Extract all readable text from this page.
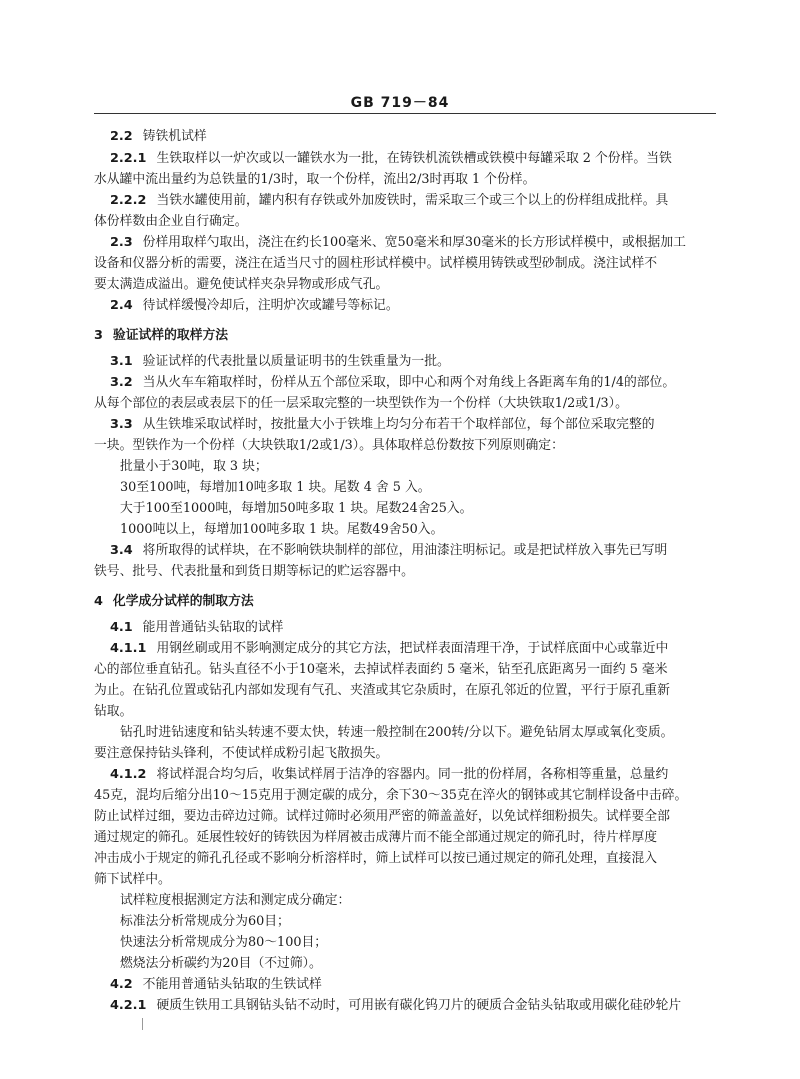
GB 719－84
2.2 铸铁机试样
2.2.1 生铁取样以一炉次或以一罐铁水为一批，在铸铁机流铁槽或铁模中每罐采取 2 个份样。当铁
水从罐中流出量约为总铁量的1/3时，取一个份样，流出2/3时再取 1 个份样。
2.2.2 当铁水罐使用前，罐内积有存铁或外加废铁时，需采取三个或三个以上的份样组成批样。具
体份样数由企业自行确定。
2.3 份样用取样勺取出，浇注在约长100毫米、宽50毫米和厚30毫米的长方形试样模中，或根据加工
设备和仪器分析的需要，浇注在适当尺寸的圆柱形试样模中。试样模用铸铁或型砂制成。浇注试样不
要太满造成溢出。避免使试样夹杂异物或形成气孔。
2.4 待试样缓慢冷却后，注明炉次或罐号等标记。
3 验证试样的取样方法
3.1 验证试样的代表批量以质量证明书的生铁重量为一批。
3.2 当从火车车箱取样时，份样从五个部位采取，即中心和两个对角线上各距离车角的1/4的部位。
从每个部位的表层或表层下的任一层采取完整的一块型铁作为一个份样（大块铁取1/2或1/3）。
3.3 从生铁堆采取试样时，按批量大小于铁堆上均匀分布若干个取样部位，每个部位采取完整的
一块。型铁作为一个份样（大块铁取1/2或1/3）。具体取样总份数按下列原则确定：
批量小于30吨，取 3 块；
30至100吨，每增加10吨多取 1 块。尾数 4 舍 5 入。
大于100至1000吨，每增加50吨多取 1 块。尾数24舍25入。
1000吨以上，每增加100吨多取 1 块。尾数49舍50入。
3.4 将所取得的试样块，在不影响铁块制样的部位，用油漆注明标记。或是把试样放入事先已写明
铁号、批号、代表批量和到货日期等标记的贮运容器中。
4 化学成分试样的制取方法
4.1 能用普通钻头钻取的试样
4.1.1 用钢丝刷或用不影响测定成分的其它方法，把试样表面清理干净，于试样底面中心或靠近中
心的部位垂直钻孔。钻头直径不小于10毫米，去掉试样表面约 5 毫米，钻至孔底距离另一面约 5 毫米
为止。在钻孔位置或钻孔内部如发现有气孔、夹渣或其它杂质时，在原孔邻近的位置，平行于原孔重新
钻取。
钻孔时进钻速度和钻头转速不要太快，转速一般控制在200转/分以下。避免钻屑太厚或氧化变质。
要注意保持钻头锋利，不使试样成粉引起飞散损失。
4.1.2 将试样混合均匀后，收集试样屑于洁净的容器内。同一批的份样屑，各称相等重量，总量约
45克，混均后缩分出10～15克用于测定碳的成分，余下30～35克在淬火的钢钵或其它制样设备中击碎。
防止试样过细，要边击碎边过筛。试样过筛时必须用严密的筛盖盖好，以免试样细粉损失。试样要全部
通过规定的筛孔。延展性较好的铸铁因为样屑被击成薄片而不能全部通过规定的筛孔时，待片样厚度
冲击成小于规定的筛孔孔径或不影响分析溶样时，筛上试样可以按已通过规定的筛孔处理，直接混入
筛下试样中。
试样粒度根据测定方法和测定成分确定：
标准法分析常规成分为60目；
快速法分析常规成分为80～100目；
燃烧法分析碳约为20目（不过筛）。
4.2 不能用普通钻头钻取的生铁试样
4.2.1 硬质生铁用工具钢钻头钻不动时，可用嵌有碳化钨刀片的硬质合金钻头钻取或用碳化硅砂轮片
